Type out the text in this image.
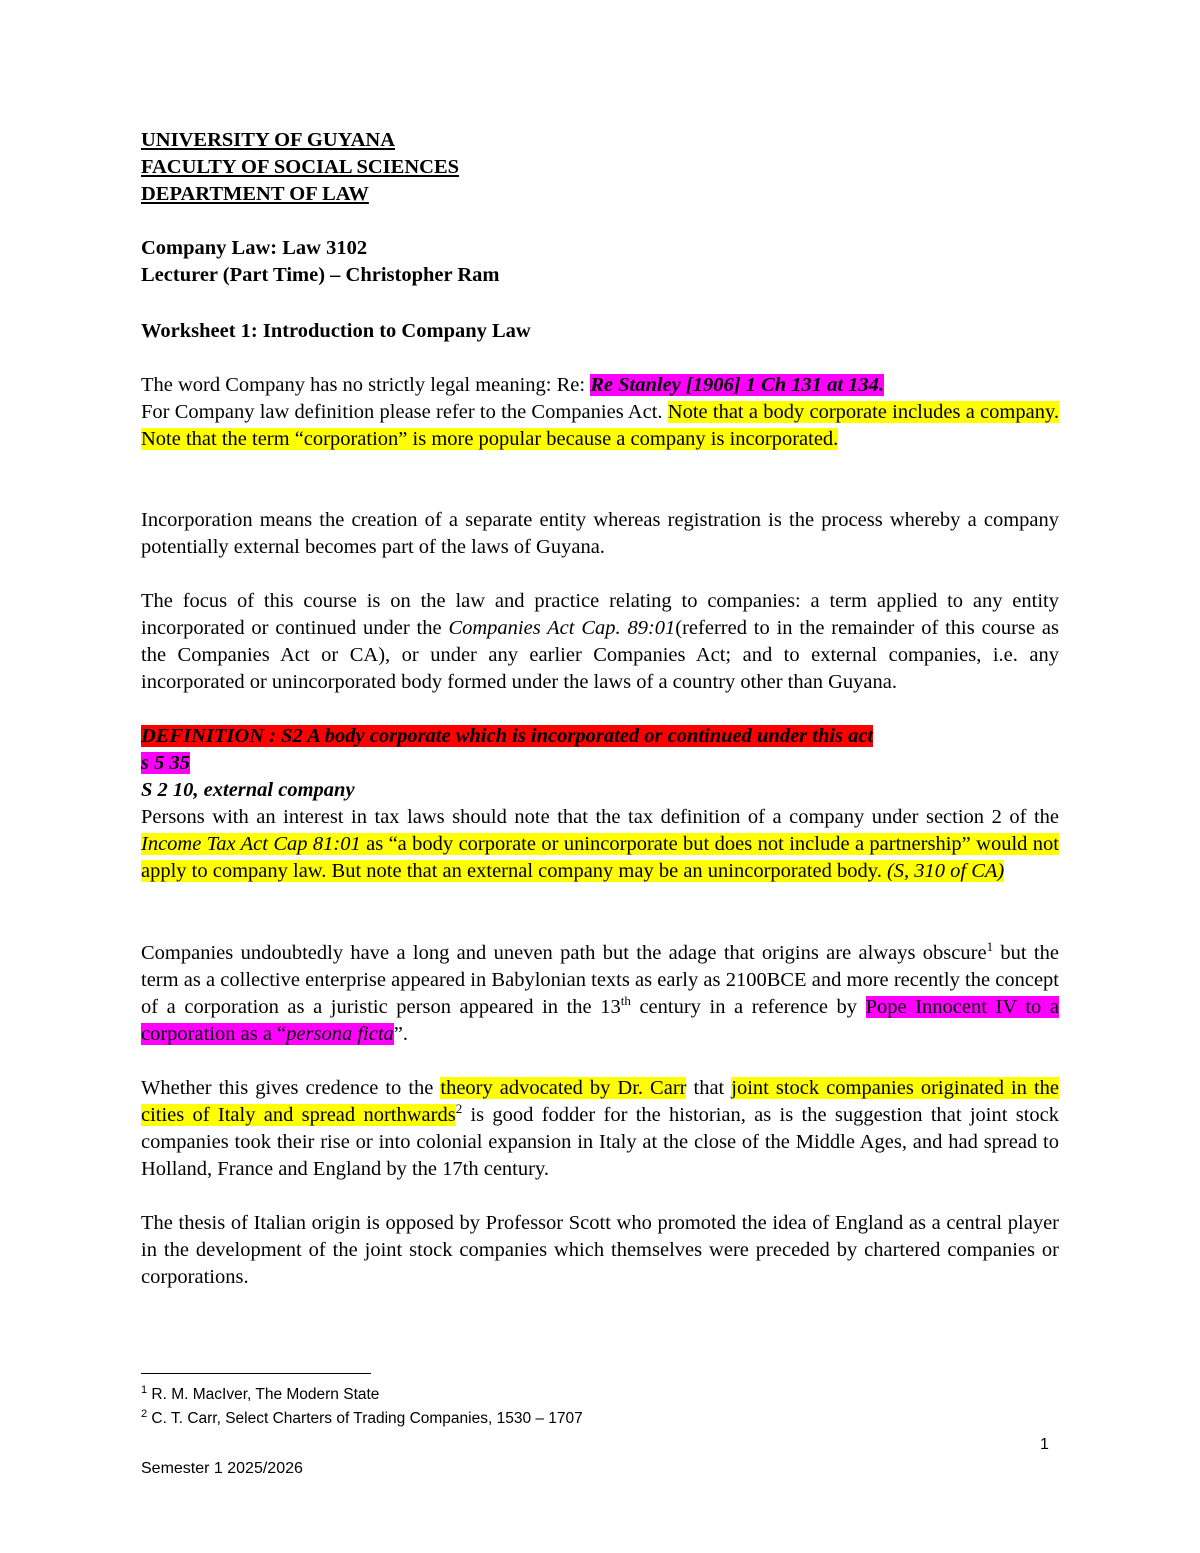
UNIVERSITY OF GUYANA
FACULTY OF SOCIAL SCIENCES
DEPARTMENT OF LAW
Company Law: Law 3102
Lecturer (Part Time) – Christopher Ram
Worksheet 1: Introduction to Company Law
The word Company has no strictly legal meaning: Re: Re Stanley [1906] 1 Ch 131 at 134.
For Company law definition please refer to the Companies Act. Note that a body corporate includes a company. Note that the term “corporation” is more popular because a company is incorporated.
Incorporation means the creation of a separate entity whereas registration is the process whereby a company potentially external becomes part of the laws of Guyana.
The focus of this course is on the law and practice relating to companies: a term applied to any entity incorporated or continued under the Companies Act Cap. 89:01(referred to in the remainder of this course as the Companies Act or CA), or under any earlier Companies Act; and to external companies, i.e. any incorporated or unincorporated body formed under the laws of a country other than Guyana.
DEFINITION : S2 A body corporate which is incorporated or continued under this act
s 5 35
S 2 10, external company
Persons with an interest in tax laws should note that the tax definition of a company under section 2 of the Income Tax Act Cap 81:01 as “a body corporate or unincorporate but does not include a partnership” would not apply to company law. But note that an external company may be an unincorporated body. (S, 310 of CA)
Companies undoubtedly have a long and uneven path but the adage that origins are always obscure$^1$ but the term as a collective enterprise appeared in Babylonian texts as early as 2100BCE and more recently the concept of a corporation as a juristic person appeared in the 13th century in a reference by Pope Innocent IV to a corporation as a “persona ficta”.
Whether this gives credence to the theory advocated by Dr. Carr that joint stock companies originated in the cities of Italy and spread northwards$^2$ is good fodder for the historian, as is the suggestion that joint stock companies took their rise or into colonial expansion in Italy at the close of the Middle Ages, and had spread to Holland, France and England by the 17th century.
The thesis of Italian origin is opposed by Professor Scott who promoted the idea of England as a central player in the development of the joint stock companies which themselves were preceded by chartered companies or corporations.
$^1$ R. M. MacIver, The Modern State
$^2$ C. T. Carr, Select Charters of Trading Companies, 1530 – 1707
1
Semester 1 2025/2026
